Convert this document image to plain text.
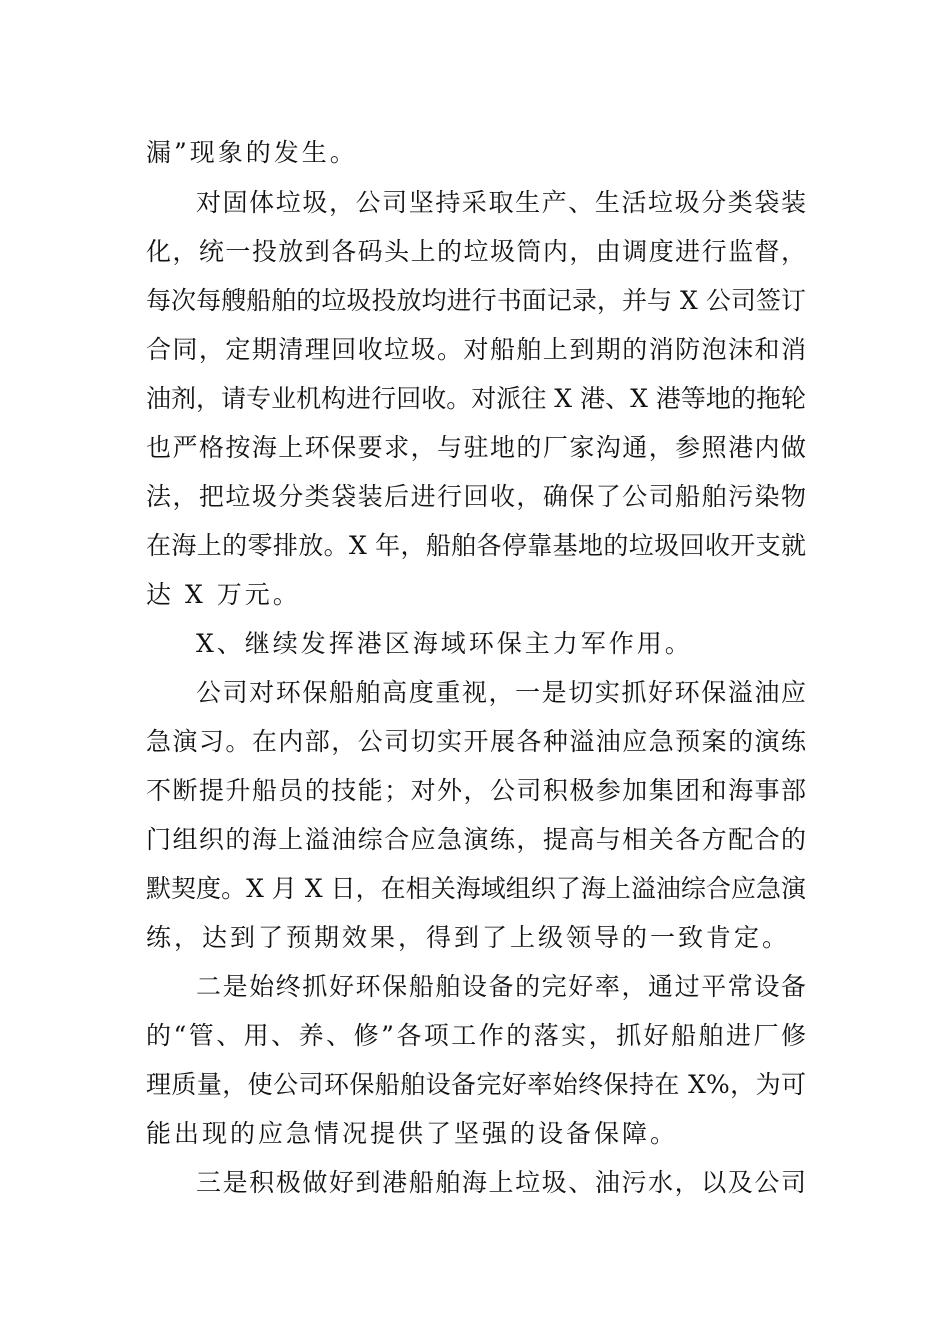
漏”现象的发生。
对固体垃圾，公司坚持采取生产、生活垃圾分类袋装
化，统一投放到各码头上的垃圾筒内，由调度进行监督，
每次每艘船舶的垃圾投放均进行书面记录，并与 X 公司签订
合同，定期清理回收垃圾。对船舶上到期的消防泡沫和消
油剂，请专业机构进行回收。对派往 X 港、X 港等地的拖轮
也严格按海上环保要求，与驻地的厂家沟通，参照港内做
法，把垃圾分类袋装后进行回收，确保了公司船舶污染物
在海上的零排放。X 年，船舶各停靠基地的垃圾回收开支就
达 X 万元。
X、继续发挥港区海域环保主力军作用。
公司对环保船舶高度重视，一是切实抓好环保溢油应
急演习。在内部，公司切实开展各种溢油应急预案的演练
不断提升船员的技能；对外，公司积极参加集团和海事部
门组织的海上溢油综合应急演练，提高与相关各方配合的
默契度。X 月 X 日，在相关海域组织了海上溢油综合应急演
练，达到了预期效果，得到了上级领导的一致肯定。
二是始终抓好环保船舶设备的完好率，通过平常设备
的“管、用、养、修”各项工作的落实，抓好船舶进厂修
理质量，使公司环保船舶设备完好率始终保持在 X%，为可
能出现的应急情况提供了坚强的设备保障。
三是积极做好到港船舶海上垃圾、油污水，以及公司
